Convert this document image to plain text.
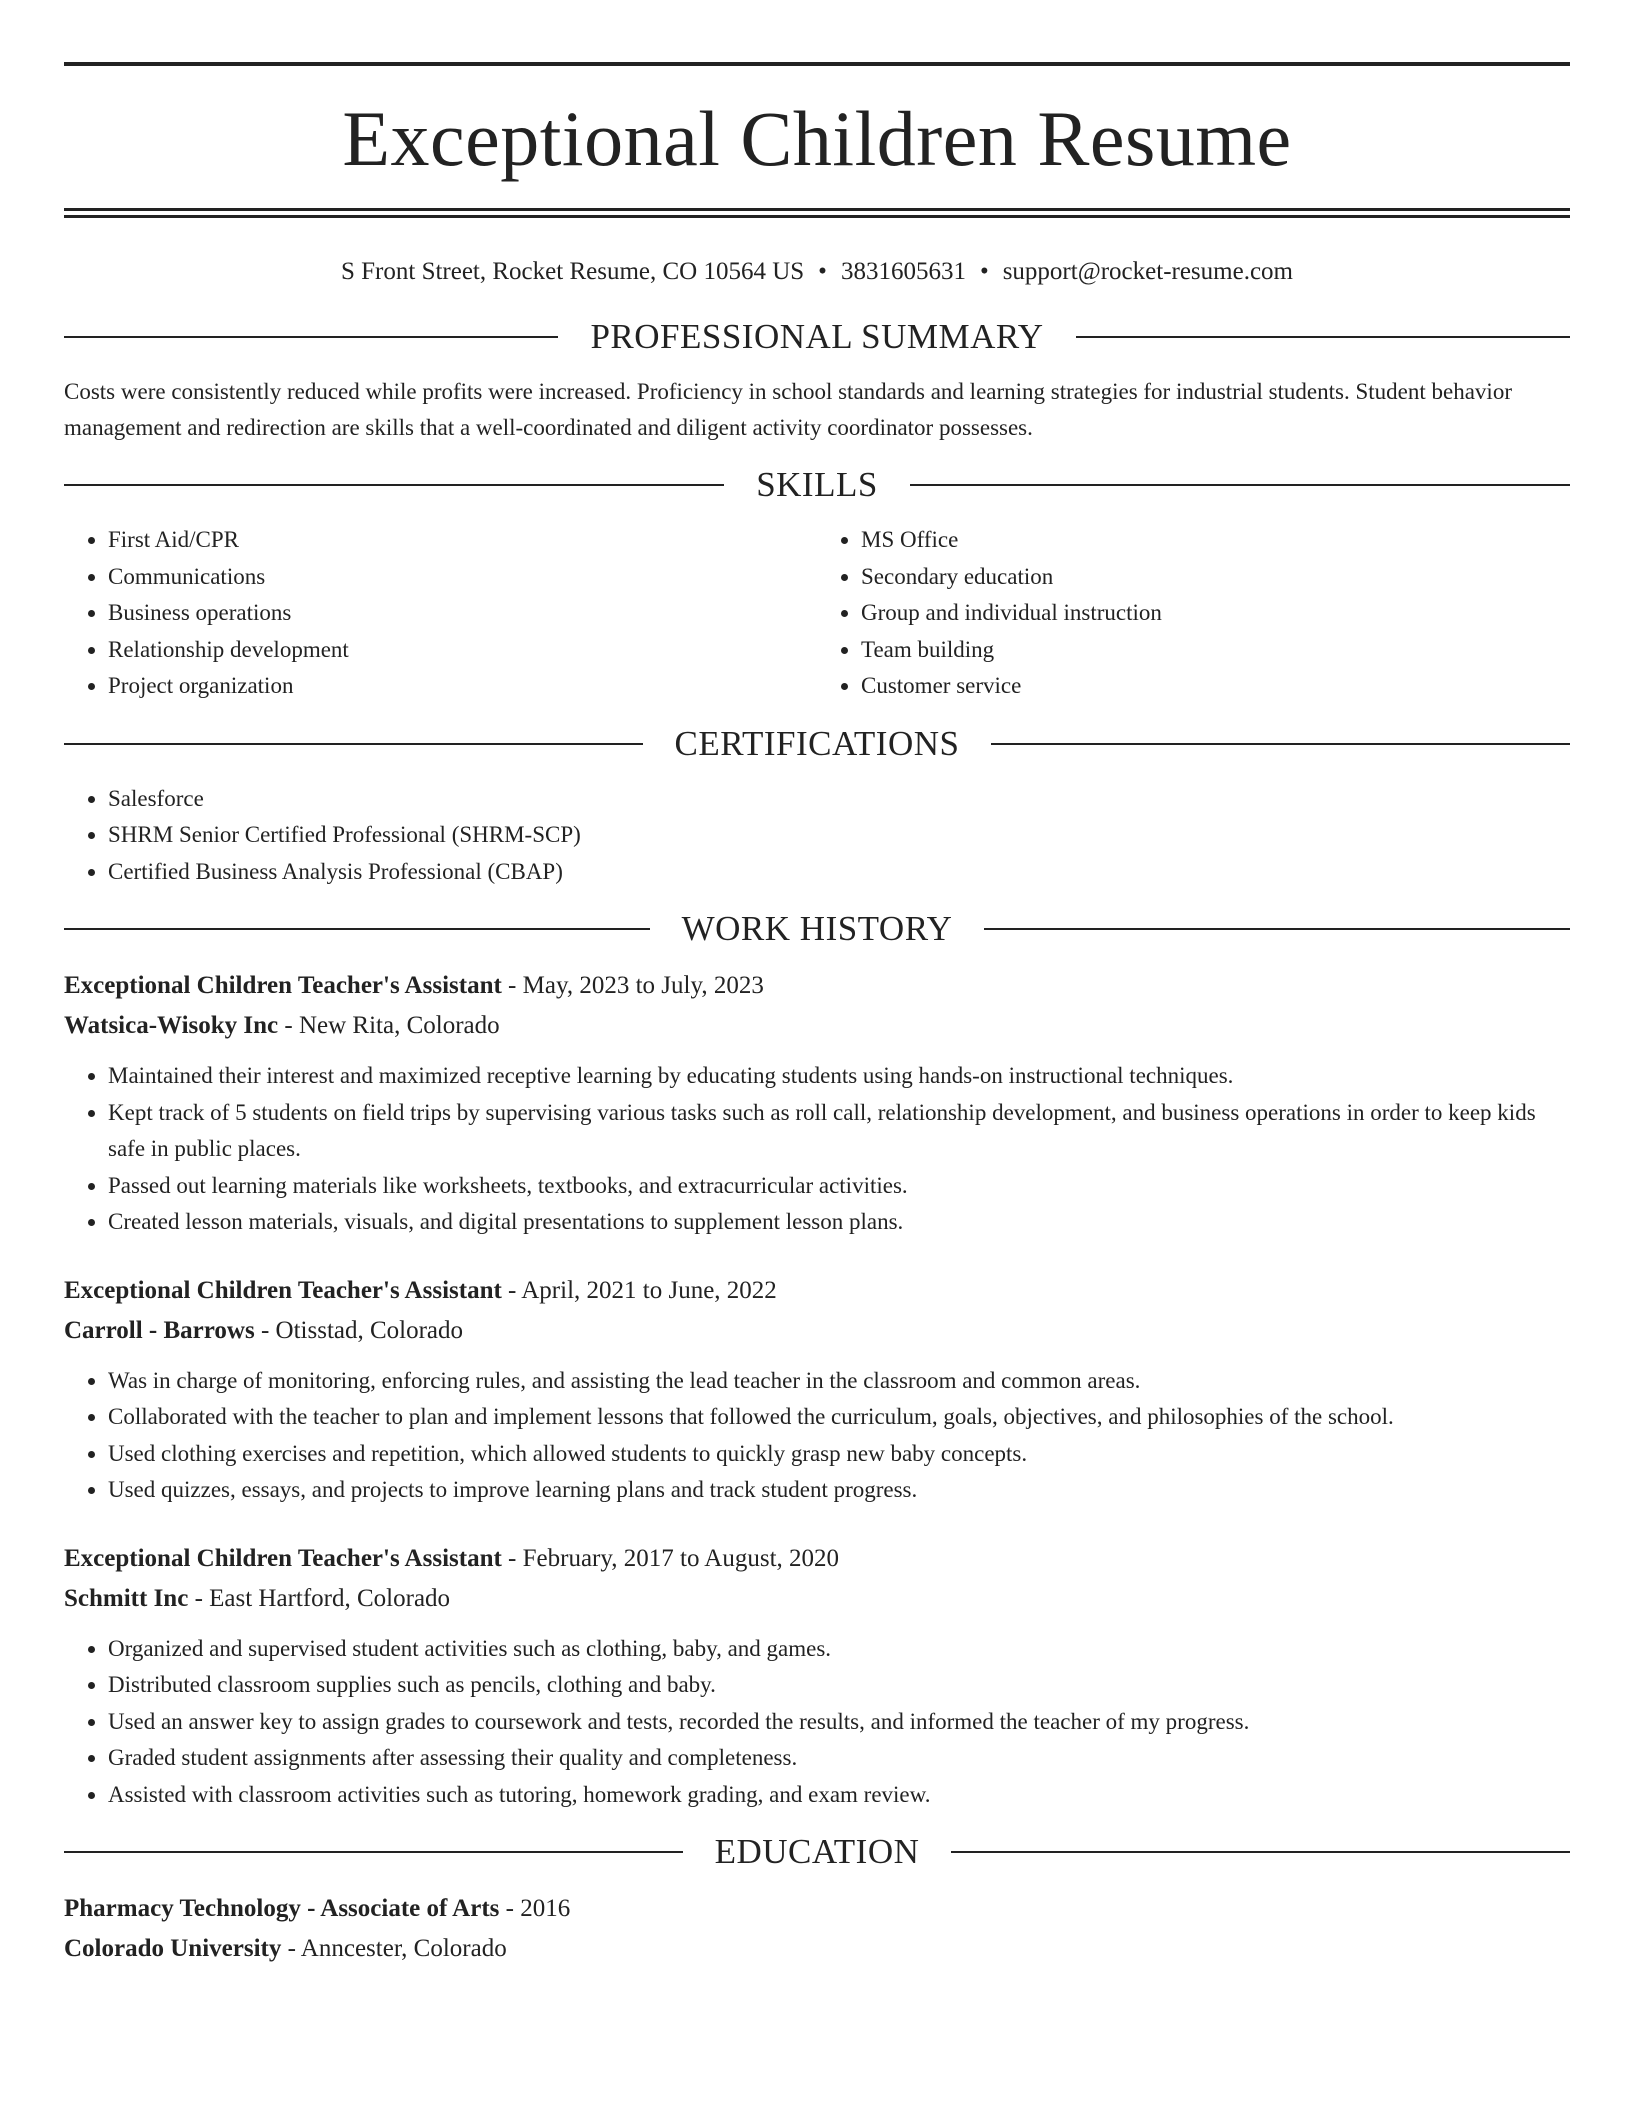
Exceptional Children Resume
S Front Street, Rocket Resume, CO 10564 US • 3831605631 • support@rocket-resume.com
PROFESSIONAL SUMMARY

Costs were consistently reduced while profits were increased. Proficiency in school standards and learning strategies for industrial students. Student behavior management and redirection are skills that a well-coordinated and diligent activity coordinator possesses.

SKILLS
• First Aid/CPR
• Communications
• Business operations
• Relationship development
• Project organization
• MS Office
• Secondary education
• Group and individual instruction
• Team building
• Customer service
CERTIFICATIONS
• Salesforce
• SHRM Senior Certified Professional (SHRM-SCP)
• Certified Business Analysis Professional (CBAP)
WORK HISTORY
Exceptional Children Teacher's Assistant - May, 2023 to July, 2023
Watsica-Wisoky Inc - New Rita, Colorado
• Maintained their interest and maximized receptive learning by educating students using hands-on instructional techniques.
• Kept track of 5 students on field trips by supervising various tasks such as roll call, relationship development, and business operations in order to keep kids safe in public places.
• Passed out learning materials like worksheets, textbooks, and extracurricular activities.
• Created lesson materials, visuals, and digital presentations to supplement lesson plans.
Exceptional Children Teacher's Assistant - April, 2021 to June, 2022
Carroll - Barrows - Otisstad, Colorado
• Was in charge of monitoring, enforcing rules, and assisting the lead teacher in the classroom and common areas.
• Collaborated with the teacher to plan and implement lessons that followed the curriculum, goals, objectives, and philosophies of the school.
• Used clothing exercises and repetition, which allowed students to quickly grasp new baby concepts.
• Used quizzes, essays, and projects to improve learning plans and track student progress.
Exceptional Children Teacher's Assistant - February, 2017 to August, 2020
Schmitt Inc - East Hartford, Colorado
• Organized and supervised student activities such as clothing, baby, and games.
• Distributed classroom supplies such as pencils, clothing and baby.
• Used an answer key to assign grades to coursework and tests, recorded the results, and informed the teacher of my progress.
• Graded student assignments after assessing their quality and completeness.
• Assisted with classroom activities such as tutoring, homework grading, and exam review.
EDUCATION
Pharmacy Technology - Associate of Arts - 2016
Colorado University - Anncester, Colorado
